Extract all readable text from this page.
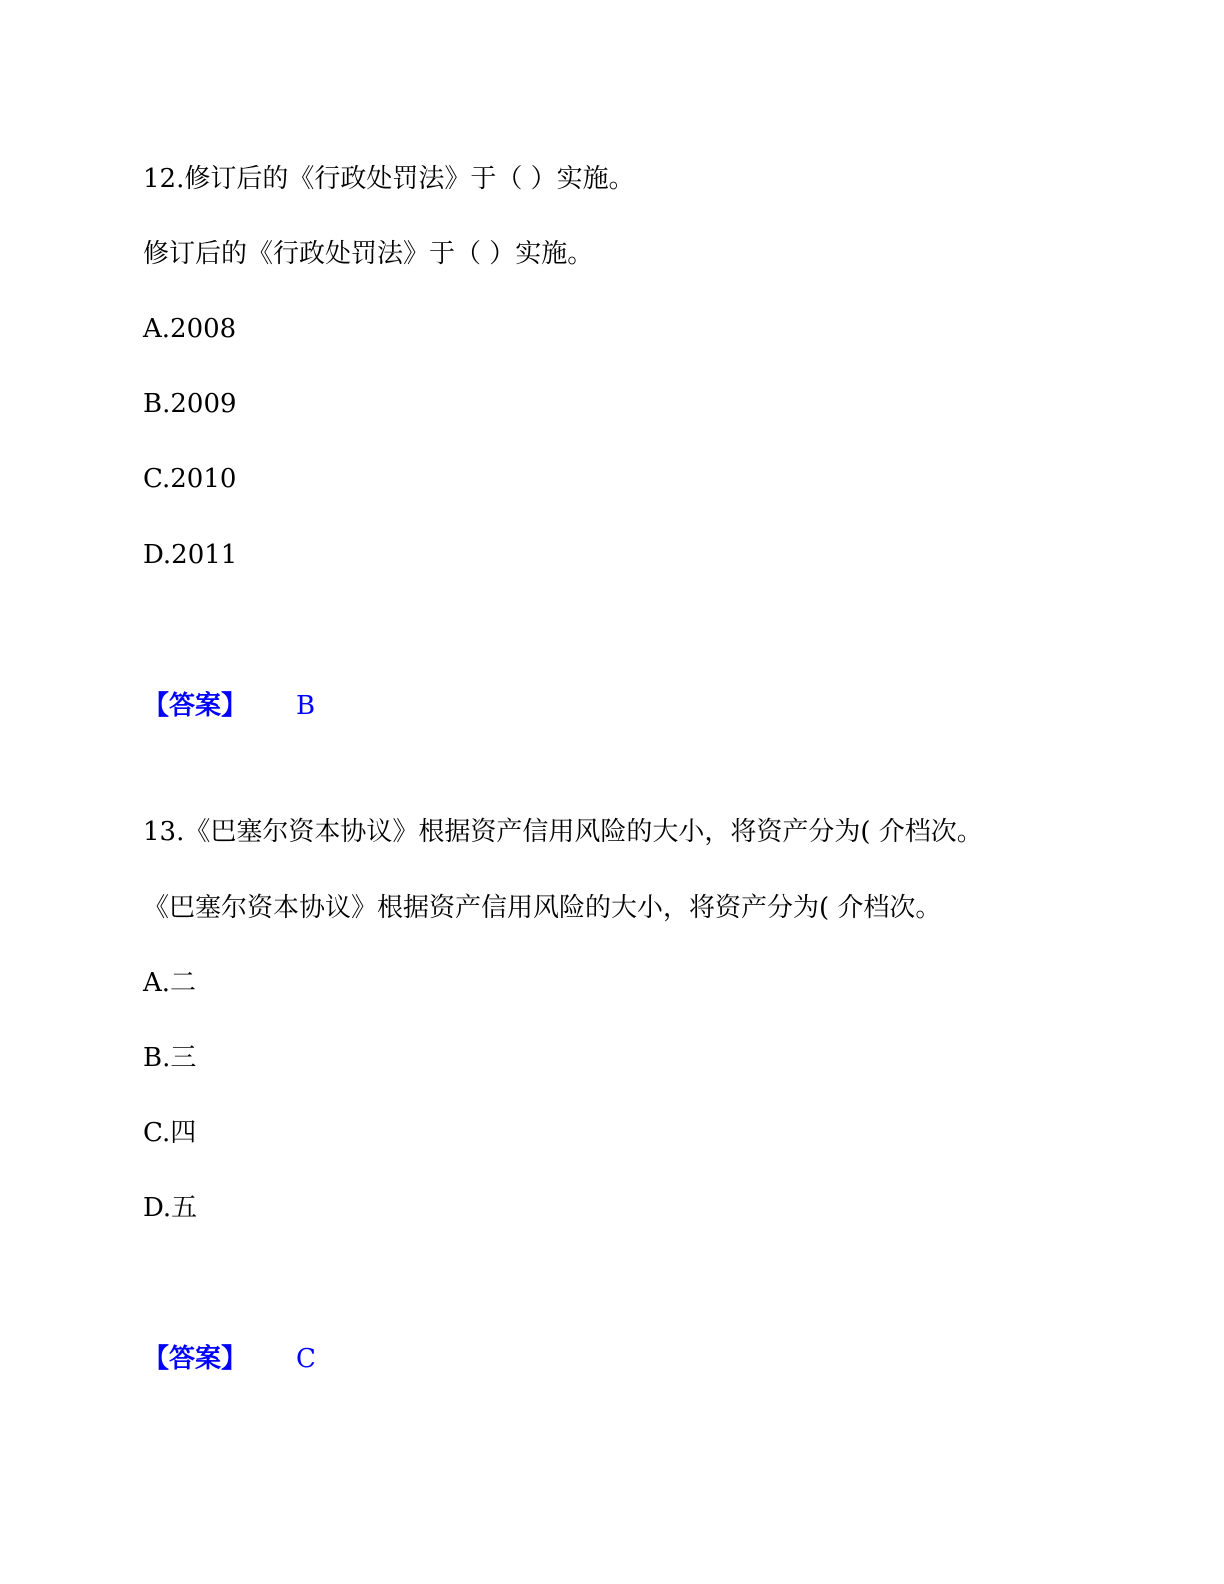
12.修订后的《行政处罚法》于（ ）实施。
修订后的《行政处罚法》于（ ）实施。
A.2008
B.2009
C.2010
D.2011
【答案】 B
13.《巴塞尔资本协议》根据资产信用风险的大小，将资产分为( 介档次。
《巴塞尔资本协议》根据资产信用风险的大小，将资产分为( 介档次。
A.二
B.三
C.四
D.五
【答案】 C
